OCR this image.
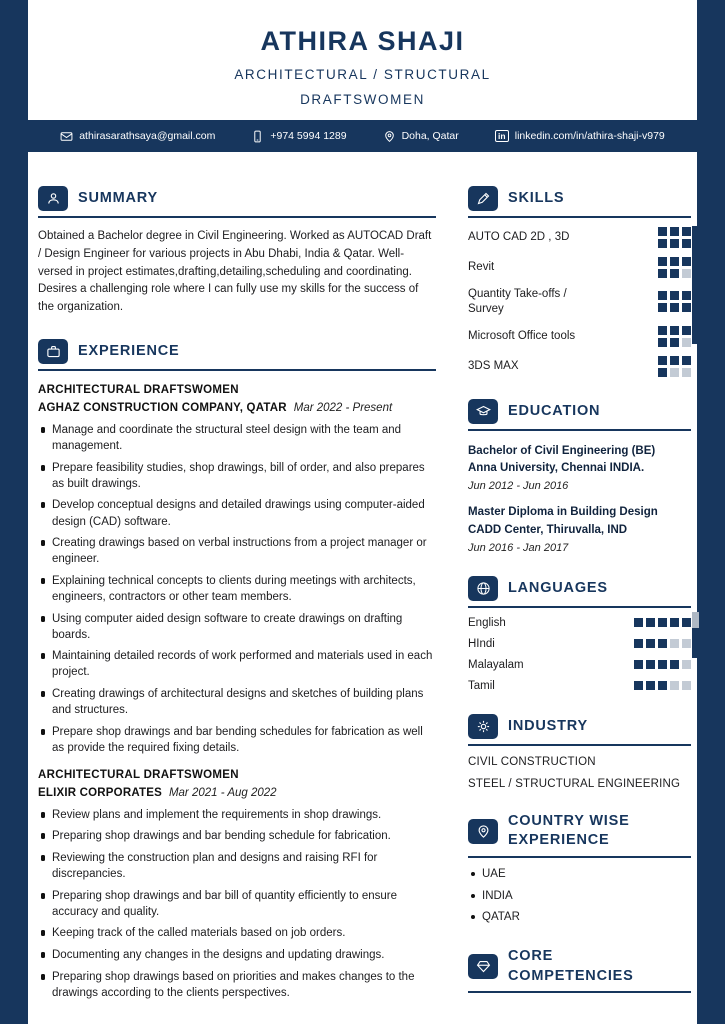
ATHIRA SHAJI
ARCHITECTURAL / STRUCTURAL
DRAFTSWOMEN
athirasarathsaya@gmail.com	+974 5994 1289	Doha, Qatar	in linkedin.com/in/athira-shaji-v979
SUMMARY

Obtained a Bachelor degree in Civil Engineering. Worked as AUTOCAD Draft / Design Engineer for various projects in Abu Dhabi, India & Qatar. Well-versed in project estimates,drafting,detailing,scheduling and coordinating. Desires a challenging role where I can fully use my skills for the success of the organization.

EXPERIENCE
ARCHITECTURAL DRAFTSWOMEN
AGHAZ CONSTRUCTION COMPANY, QATAR Mar 2022 - Present
Manage and coordinate the structural steel design with the team and management.
Prepare feasibility studies, shop drawings, bill of order, and also prepares as built drawings.
Develop conceptual designs and detailed drawings using computer-aided design (CAD) software.
Creating drawings based on verbal instructions from a project manager or engineer.
Explaining technical concepts to clients during meetings with architects, engineers, contractors or other team members.
Using computer aided design software to create drawings on drafting boards.
Maintaining detailed records of work performed and materials used in each project.
Creating drawings of architectural designs and sketches of building plans and structures.
Prepare shop drawings and bar bending schedules for fabrication as well as provide the required fixing details.
ARCHITECTURAL DRAFTSWOMEN
ELIXIR CORPORATES Mar 2021 - Aug 2022
Review plans and implement the requirements in shop drawings.
Preparing shop drawings and bar bending schedule for fabrication.
Reviewing the construction plan and designs and raising RFI for discrepancies.
Preparing shop drawings and bar bill of quantity efficiently to ensure accuracy and quality.
Keeping track of the called materials based on job orders.
Documenting any changes in the designs and updating drawings.
Preparing shop drawings based on priorities and makes changes to the drawings according to the clients perspectives.
SKILLS
AUTO CAD 2D , 3D
Revit
Quantity Take-offs / Survey
Microsoft Office tools
3DS MAX
EDUCATION
Bachelor of Civil Engineering (BE)
Anna University, Chennai INDIA.
Jun 2012 - Jun 2016
Master Diploma in Building Design
CADD Center, Thiruvalla, IND
Jun 2016 - Jan 2017
LANGUAGES
English
HIndi
Malayalam
Tamil
INDUSTRY
CIVIL CONSTRUCTION
STEEL / STRUCTURAL ENGINEERING
COUNTRY WISE EXPERIENCE
UAE
INDIA
QATAR
CORE COMPETENCIES
